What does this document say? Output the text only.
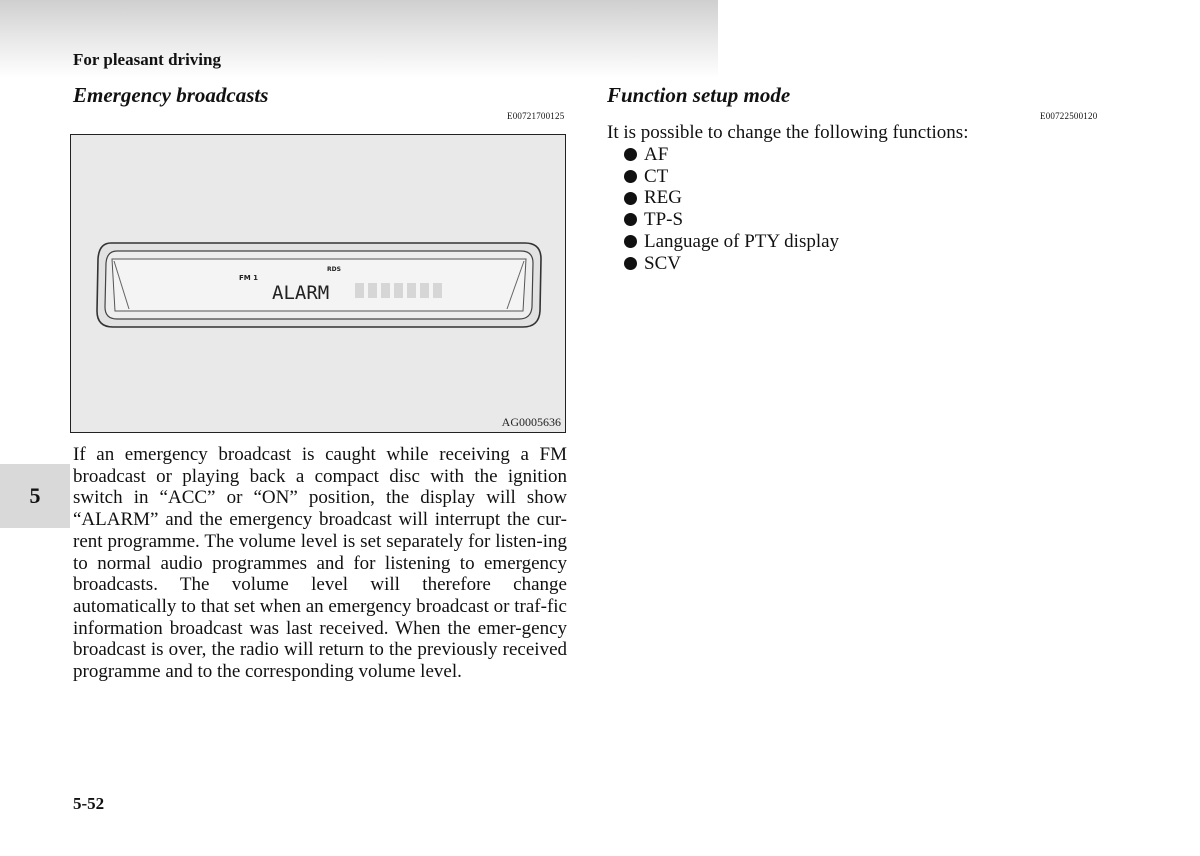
For pleasant driving
Emergency broadcasts
E00721700125
FM 1
RDS
ALARM
AG0005636
If an emergency broadcast is caught while receiving a FM broadcast or playing back a compact disc with the ignition switch in “ACC” or “ON” position, the display will show “ALARM” and the emergency broadcast will interrupt the cur-rent programme. The volume level is set separately for listen-ing to normal audio programmes and for listening to emergency broadcasts. The volume level will therefore change automatically to that set when an emergency broadcast or traf-fic information broadcast was last received. When the emer-gency broadcast is over, the radio will return to the previously received programme and to the corresponding volume level.
Function setup mode
E00722500120
It is possible to change the following functions:
AF
CT
REG
TP-S
Language of PTY display
SCV
5
5-52
